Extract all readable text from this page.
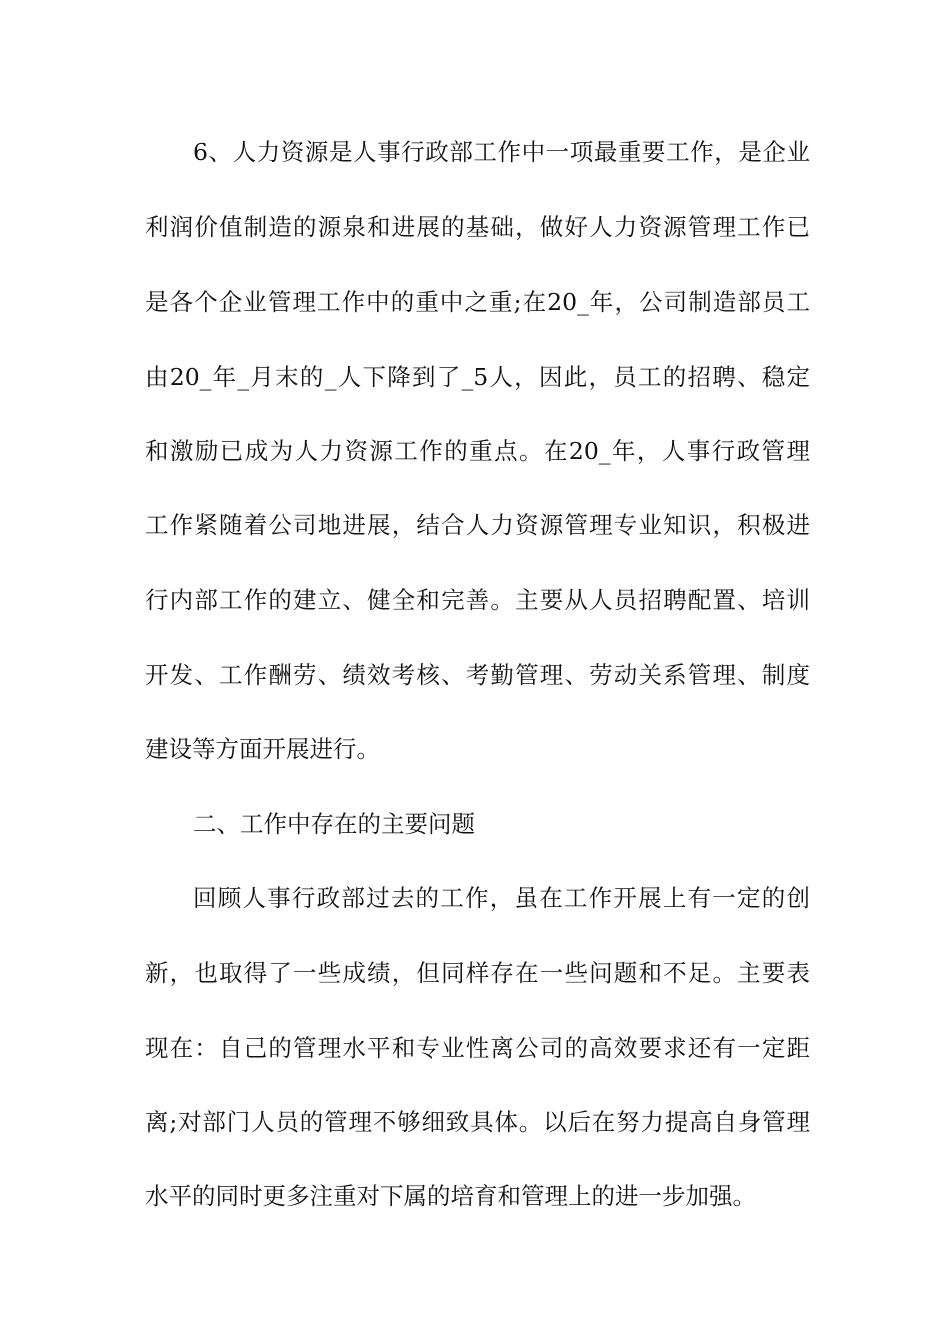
6、人力资源是人事行政部工作中一项最重要工作，是企业
利润价值制造的源泉和进展的基础，做好人力资源管理工作已
是各个企业管理工作中的重中之重;在20_年，公司制造部员工
由20_年_月末的_人下降到了_5人，因此，员工的招聘、稳定
和激励已成为人力资源工作的重点。在20_年，人事行政管理
工作紧随着公司地进展，结合人力资源管理专业知识，积极进
行内部工作的建立、健全和完善。主要从人员招聘配置、培训
开发、工作酬劳、绩效考核、考勤管理、劳动关系管理、制度
建设等方面开展进行。
二、工作中存在的主要问题
回顾人事行政部过去的工作，虽在工作开展上有一定的创
新，也取得了一些成绩，但同样存在一些问题和不足。主要表
现在：自己的管理水平和专业性离公司的高效要求还有一定距
离;对部门人员的管理不够细致具体。以后在努力提高自身管理
水平的同时更多注重对下属的培育和管理上的进一步加强。
